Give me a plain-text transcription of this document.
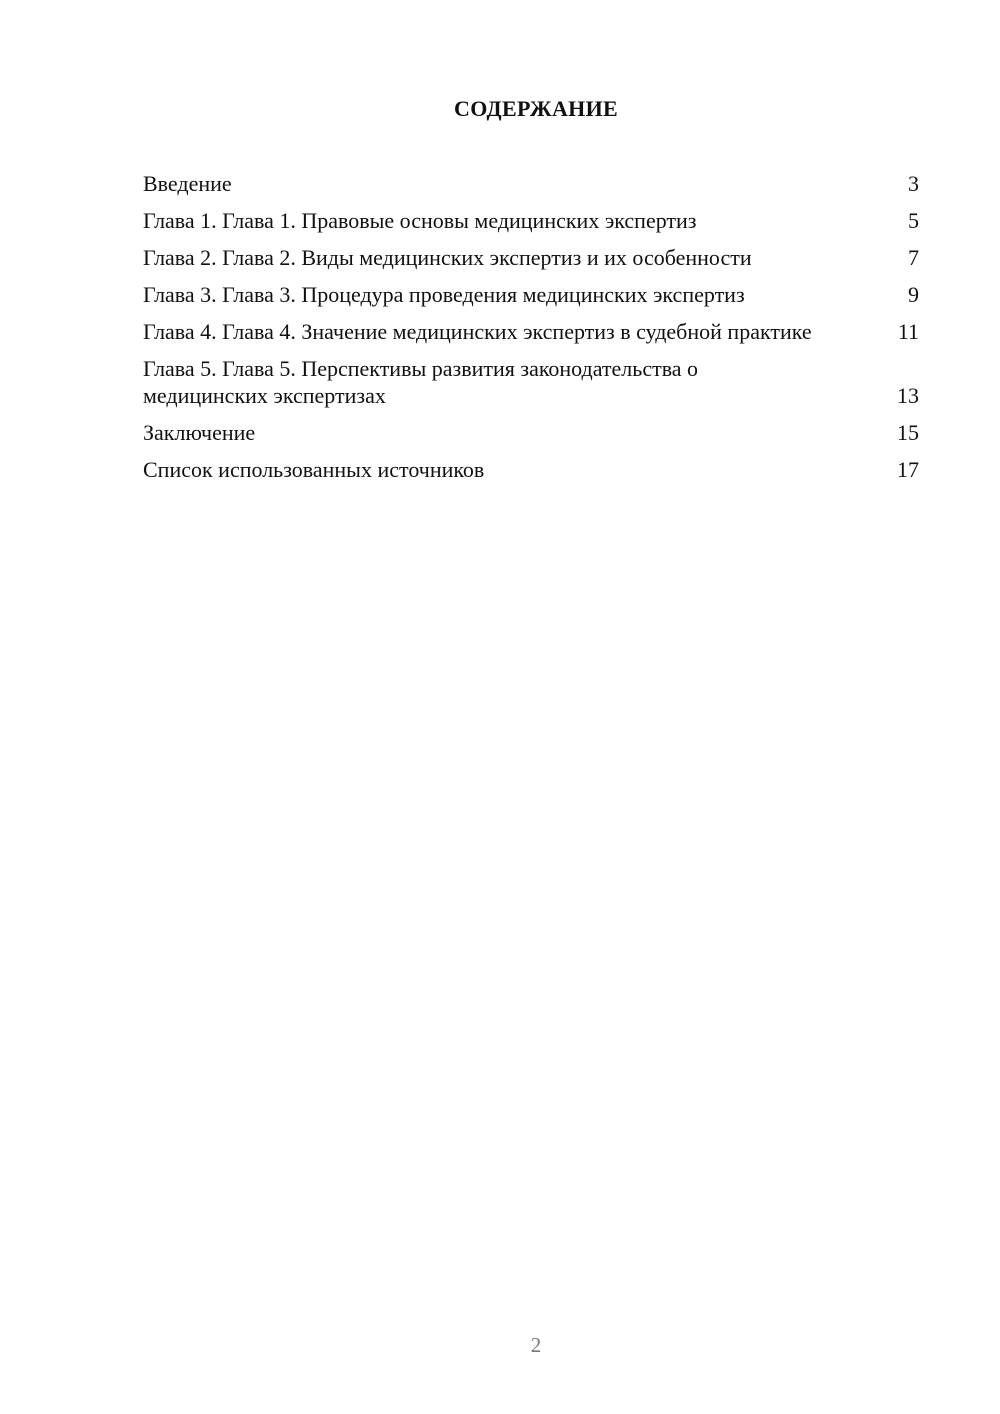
СОДЕРЖАНИЕ
Введение	3
Глава 1. Глава 1. Правовые основы медицинских экспертиз	5
Глава 2. Глава 2. Виды медицинских экспертиз и их особенности	7
Глава 3. Глава 3. Процедура проведения медицинских экспертиз	9
Глава 4. Глава 4. Значение медицинских экспертиз в судебной практике	11
Глава 5. Глава 5. Перспективы развития законодательства о медицинских экспертизах	13
Заключение	15
Список использованных источников	17
2
